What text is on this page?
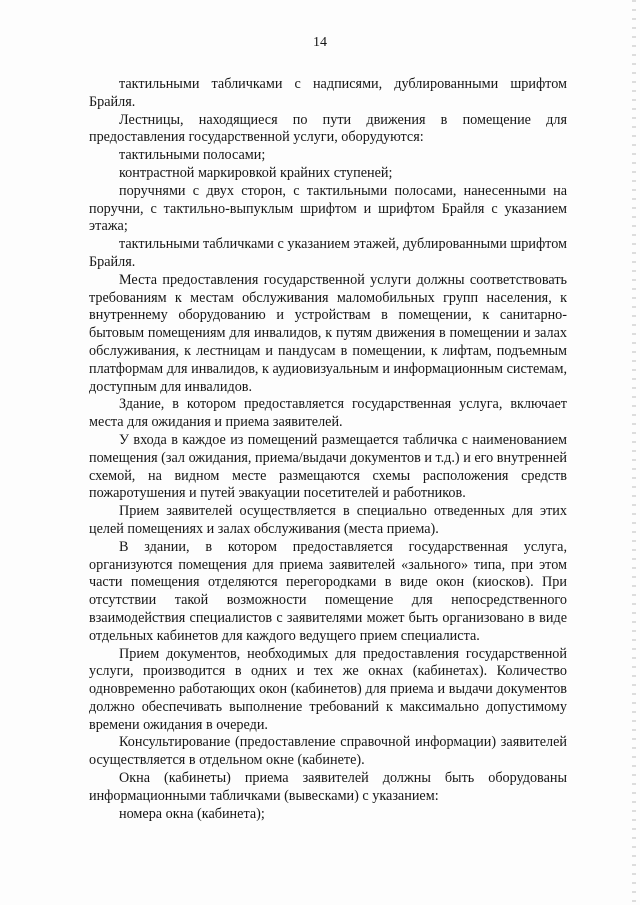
14

тактильными табличками с надписями, дублированными шрифтом Брайля.

Лестницы, находящиеся по пути движения в помещение для предоставления государственной услуги, оборудуются:

тактильными полосами;

контрастной маркировкой крайних ступеней;

поручнями с двух сторон, с тактильными полосами, нанесенными на поручни, с тактильно-выпуклым шрифтом и шрифтом Брайля с указанием этажа;

тактильными табличками с указанием этажей, дублированными шрифтом Брайля.

Места предоставления государственной услуги должны соответствовать требованиям к местам обслуживания маломобильных групп населения, к внутреннему оборудованию и устройствам в помещении, к санитарно-бытовым помещениям для инвалидов, к путям движения в помещении и залах обслуживания, к лестницам и пандусам в помещении, к лифтам, подъемным платформам для инвалидов, к аудиовизуальным и информационным системам, доступным для инвалидов.

Здание, в котором предоставляется государственная услуга, включает места для ожидания и приема заявителей.

У входа в каждое из помещений размещается табличка с наименованием помещения (зал ожидания, приема/выдачи документов и т.д.) и его внутренней схемой, на видном месте размещаются схемы расположения средств пожаротушения и путей эвакуации посетителей и работников.

Прием заявителей осуществляется в специально отведенных для этих целей помещениях и залах обслуживания (места приема).

В здании, в котором предоставляется государственная услуга, организуются помещения для приема заявителей «зального» типа, при этом части помещения отделяются перегородками в виде окон (киосков). При отсутствии такой возможности помещение для непосредственного взаимодействия специалистов с заявителями может быть организовано в виде отдельных кабинетов для каждого ведущего прием специалиста.

Прием документов, необходимых для предоставления государственной услуги, производится в одних и тех же окнах (кабинетах). Количество одновременно работающих окон (кабинетов) для приема и выдачи документов должно обеспечивать выполнение требований к максимально допустимому времени ожидания в очереди.

Консультирование (предоставление справочной информации) заявителей осуществляется в отдельном окне (кабинете).

Окна (кабинеты) приема заявителей должны быть оборудованы информационными табличками (вывесками) с указанием:

номера окна (кабинета);
